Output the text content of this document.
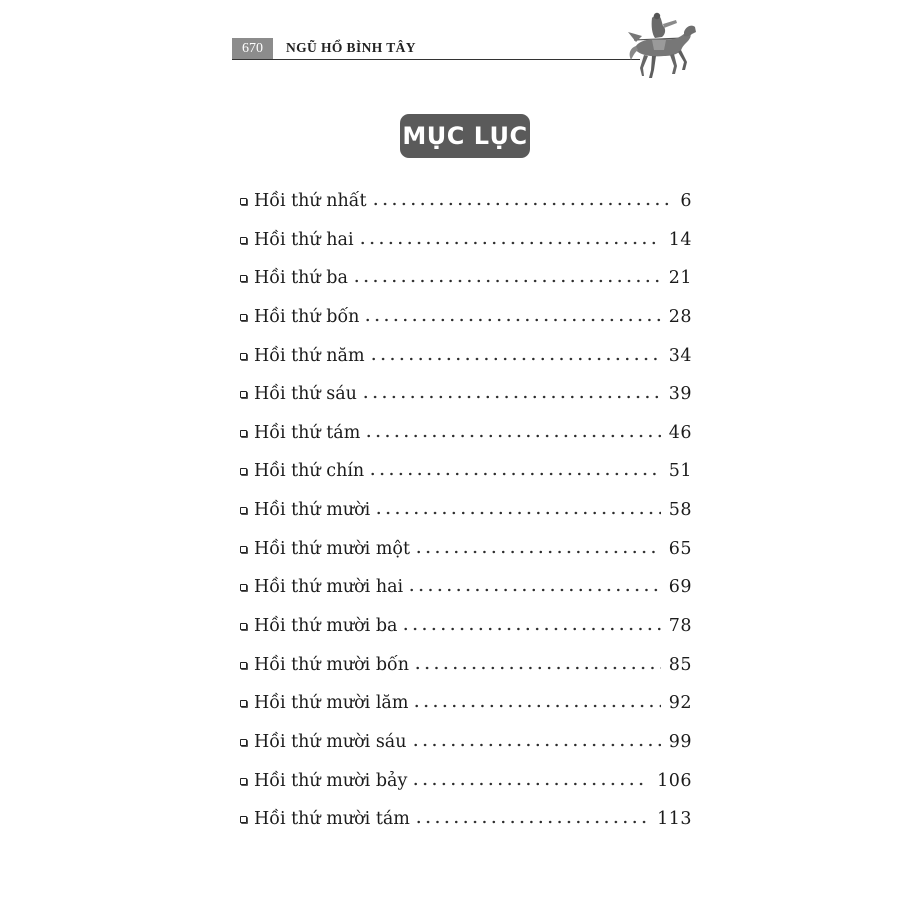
670	NGŨ HỔ BÌNH TÂY
MỤC LỤC
Hồi thứ nhất	6
Hồi thứ hai	14
Hồi thứ ba	21
Hồi thứ bốn	28
Hồi thứ năm	34
Hồi thứ sáu	39
Hồi thứ tám	46
Hồi thứ chín	51
Hồi thứ mười	58
Hồi thứ mười một	65
Hồi thứ mười hai	69
Hồi thứ mười ba	78
Hồi thứ mười bốn	85
Hồi thứ mười lăm	92
Hồi thứ mười sáu	99
Hồi thứ mười bảy	106
Hồi thứ mười tám	113
